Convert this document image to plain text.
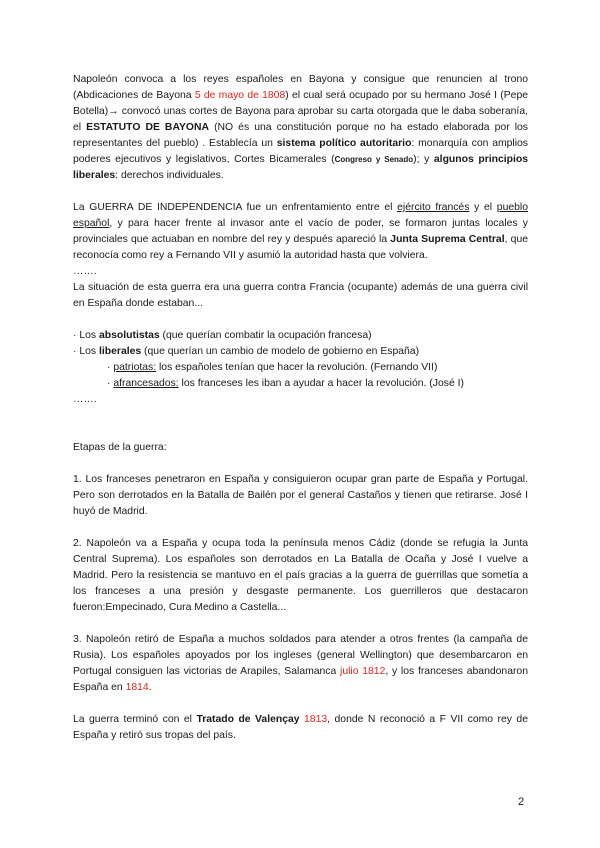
Napoleón convoca a los reyes españoles en Bayona y consigue que renuncien al trono (Abdicaciones de Bayona 5 de mayo de 1808) el cual será ocupado por su hermano José I (Pepe Botella)→ convocó unas cortes de Bayona para aprobar su carta otorgada que le daba soberanía, el ESTATUTO DE BAYONA (NO és una constitución porque no ha estado elaborada por los representantes del pueblo) . Establecía un sistema político autoritario: monarquía con amplios poderes ejecutivos y legislativos, Cortes Bicamerales (Congreso y Senado); y algunos principios liberales: derechos individuales.

La GUERRA DE INDEPENDENCIA fue un enfrentamiento entre el ejército francés y el pueblo español, y para hacer frente al invasor ante el vacío de poder, se formaron juntas locales y provinciales que actuaban en nombre del rey y después apareció la Junta Suprema Central, que reconocía como rey a Fernando VII y asumió la autoridad hasta que volviera.

…….

La situación de esta guerra era una guerra contra Francia (ocupante) además de una guerra civil en España donde estaban...

· Los absolutistas (que querían combatir la ocupación francesa)

· Los liberales (que querían un cambio de modelo de gobierno en España)

· patriotas: los españoles tenían que hacer la revolución. (Fernando VII)

· afrancesados: los franceses les iban a ayudar a hacer la revolución. (José I)

…….

Etapas de la guerra:

1. Los franceses penetraron en España y consiguieron ocupar gran parte de España y Portugal. Pero son derrotados en la Batalla de Bailén por el general Castaños y tienen que retirarse. José I huyó de Madrid.

2. Napoleón va a España y ocupa toda la península menos Cádiz (donde se refugia la Junta Central Suprema). Los españoles son derrotados en La Batalla de Ocaña y José I vuelve a Madrid. Pero la resistencia se mantuvo en el país gracias a la guerra de guerrillas que sometía a los franceses a una presión y desgaste permanente. Los guerrilleros que destacaron fueron:Empecinado, Cura Medino a Castella...

3. Napoleón retiró de España a muchos soldados para atender a otros frentes (la campaña de Rusia). Los españoles apoyados por los ingleses (general Wellington) que desembarcaron en Portugal consiguen las victorias de Arapiles, Salamanca julio 1812, y los franceses abandonaron España en 1814.

La guerra terminó con el Tratado de Valençay 1813, donde N reconoció a F VII como rey de España y retiró sus tropas del país.

2
